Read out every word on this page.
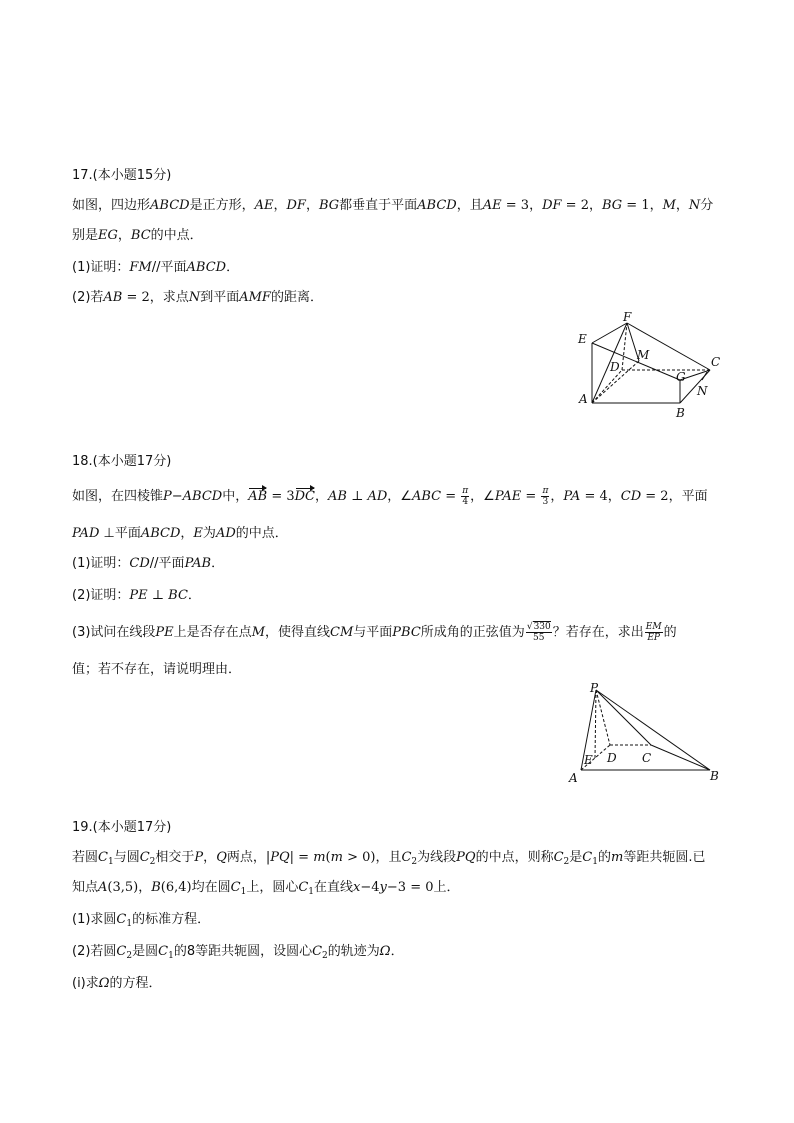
17.(本小题15分)
如图，四边形ABCD是正方形，AE，DF，BG都垂直于平面ABCD，且AE = 3，DF = 2，BG = 1，M，N分
别是EG，BC的中点．
(1)证明：FM//平面ABCD．
(2)若AB = 2，求点N到平面AMF的距离．
E
F
D
M	C
G
N
A
B
18.(本小题17分)
如图，在四棱锥P−ABCD中，AB = 3DC，AB ⊥ AD，∠ABC = $\frac{\pi}{4}$ ，∠PAE = $\frac{\pi}{3}$ ，PA = 4，CD = 2，平面
PAD ⊥平面ABCD，E为AD的中点．
(1)证明：CD//平面PAB．
(2)证明：PE ⊥ BC．
(3)试问在线段PE上是否存在点M，使得直线CM与平面PBC所成角的正弦值为 $\frac{√330}{55}$ ？若存在，求出 $\frac{EM}{EP}$ 的
值；若不存在，请说明理由．
P
E D C
A	B
19.(本小题17分)
若圆$C_1$与圆$C_2$相交于P，Q两点，|PQ| = m(m > 0)，且$C_2$为线段PQ的中点，则称$C_2$是$C_1$的m等距共轭圆.已
知点A(3,5)，B(6,4)均在圆$C_1$上，圆心$C_1$在直线x−4y−3 = 0上．
(1)求圆$C_1$的标准方程．
(2)若圆$C_2$是圆$C_1$的8等距共轭圆，设圆心$C_2$的轨迹为Ω．
(i)求Ω的方程．
